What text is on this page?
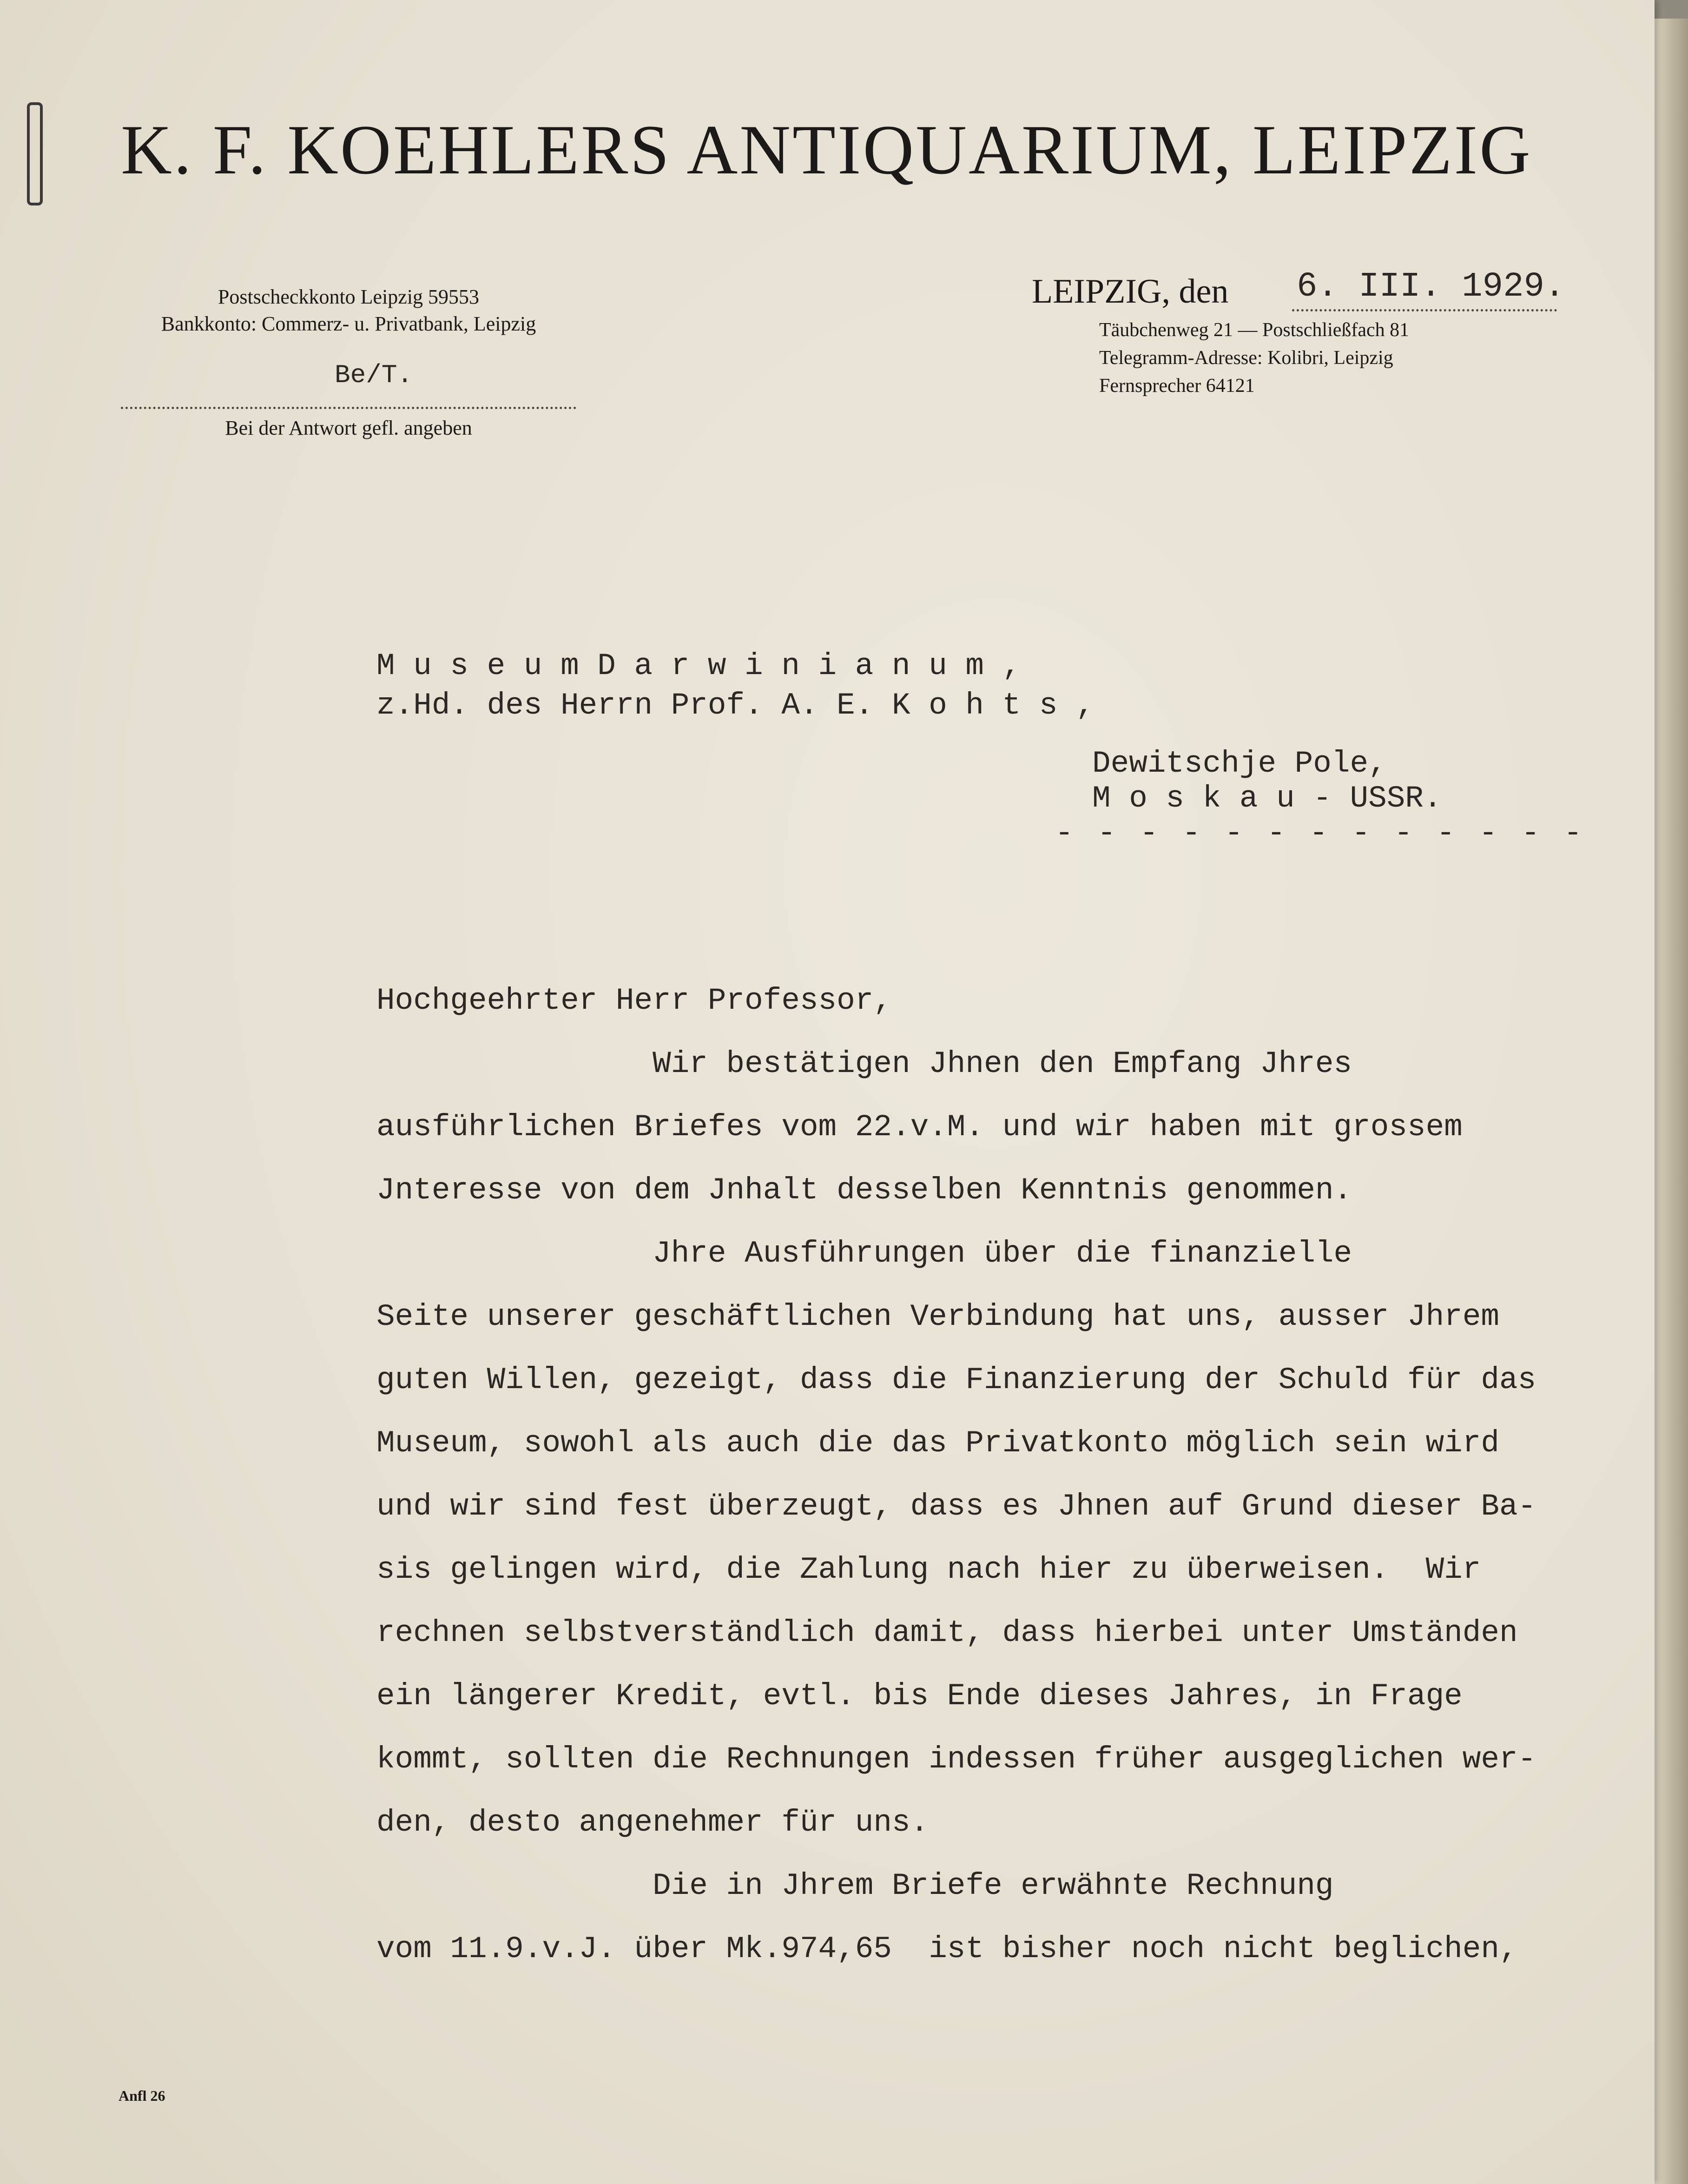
K. F. KOEHLERS ANTIQUARIUM, LEIPZIG
Postscheckkonto Leipzig 59553
Bankkonto: Commerz- u. Privatbank, Leipzig
Be/T.
Bei der Antwort gefl. angeben
LEIPZIG, den 6. III. 1929.
Täubchenweg 21 — Postschließfach 81
Telegramm-Adresse: Kolibri, Leipzig
Fernsprecher 64121
M u s e u m D a r w i n i a n u m ,
z.Hd. des Herrn Prof. A. E. K o h t s ,
Dewitschje Pole,
M o s k a u - USSR.
- - - - - - - - - - - - -

Hochgeehrter Herr Professor,

Wir bestätigen Jhnen den Empfang Jhres

ausführlichen Briefes vom 22.v.M. und wir haben mit grossem

Jnteresse von dem Jnhalt desselben Kenntnis genommen.

Jhre Ausführungen über die finanzielle

Seite unserer geschäftlichen Verbindung hat uns, ausser Jhrem

guten Willen, gezeigt, dass die Finanzierung der Schuld für das

Museum, sowohl als auch die das Privatkonto möglich sein wird

und wir sind fest überzeugt, dass es Jhnen auf Grund dieser Ba-

sis gelingen wird, die Zahlung nach hier zu überweisen.  Wir

rechnen selbstverständlich damit, dass hierbei unter Umständen

ein längerer Kredit, evtl. bis Ende dieses Jahres, in Frage

kommt, sollten die Rechnungen indessen früher ausgeglichen wer-

den, desto angenehmer für uns.

Die in Jhrem Briefe erwähnte Rechnung

vom 11.9.v.J. über Mk.974,65  ist bisher noch nicht beglichen,

Anfl 26
